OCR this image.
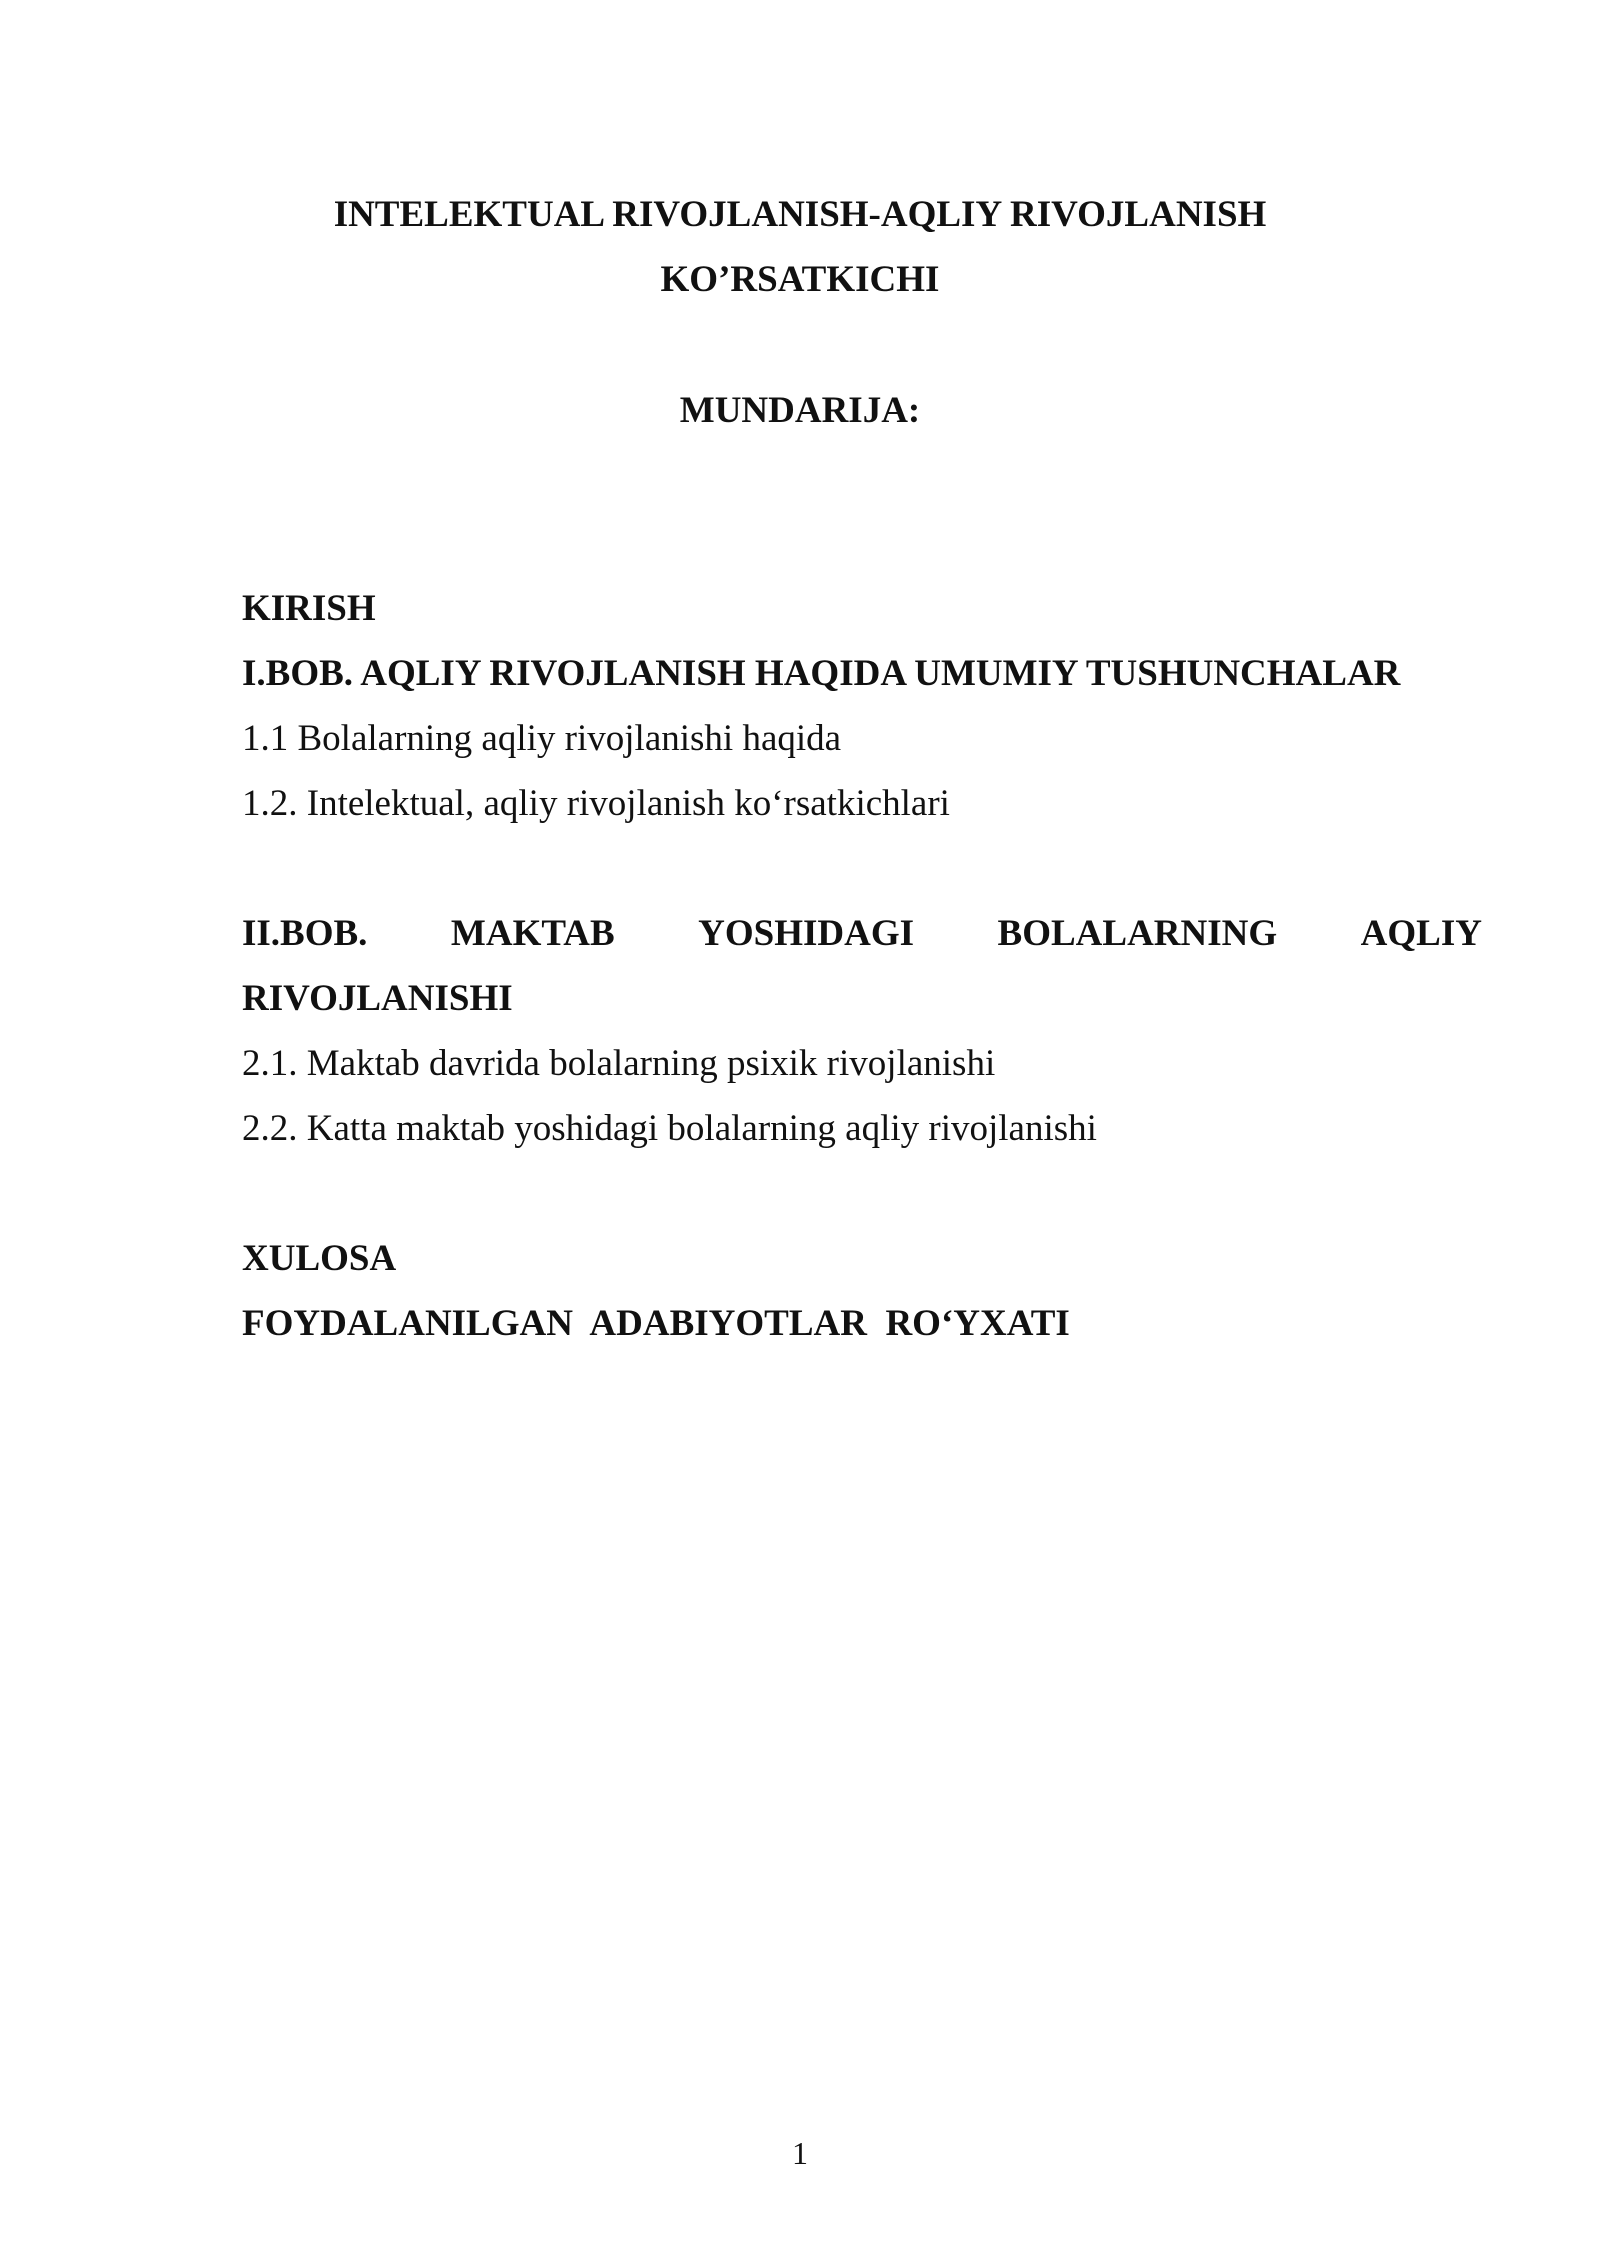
INTELEKTUAL RIVOJLANISH-AQLIY RIVOJLANISH
KO’RSATKICHI
MUNDARIJA:
KIRISH
I.BOB. AQLIY RIVOJLANISH HAQIDA UMUMIY TUSHUNCHALAR
1.1 Bolalarning aqliy rivojlanishi haqida
1.2. Intelektual, aqliy rivojlanish ko‘rsatkichlari
II.BOB. MAKTAB YOSHIDAGI BOLALARNING AQLIY
RIVOJLANISHI
2.1. Maktab davrida bolalarning psixik rivojlanishi
2.2. Katta maktab yoshidagi bolalarning aqliy rivojlanishi
XULOSA
FOYDALANILGAN  ADABIYOTLAR  RO‘YXATI
1
